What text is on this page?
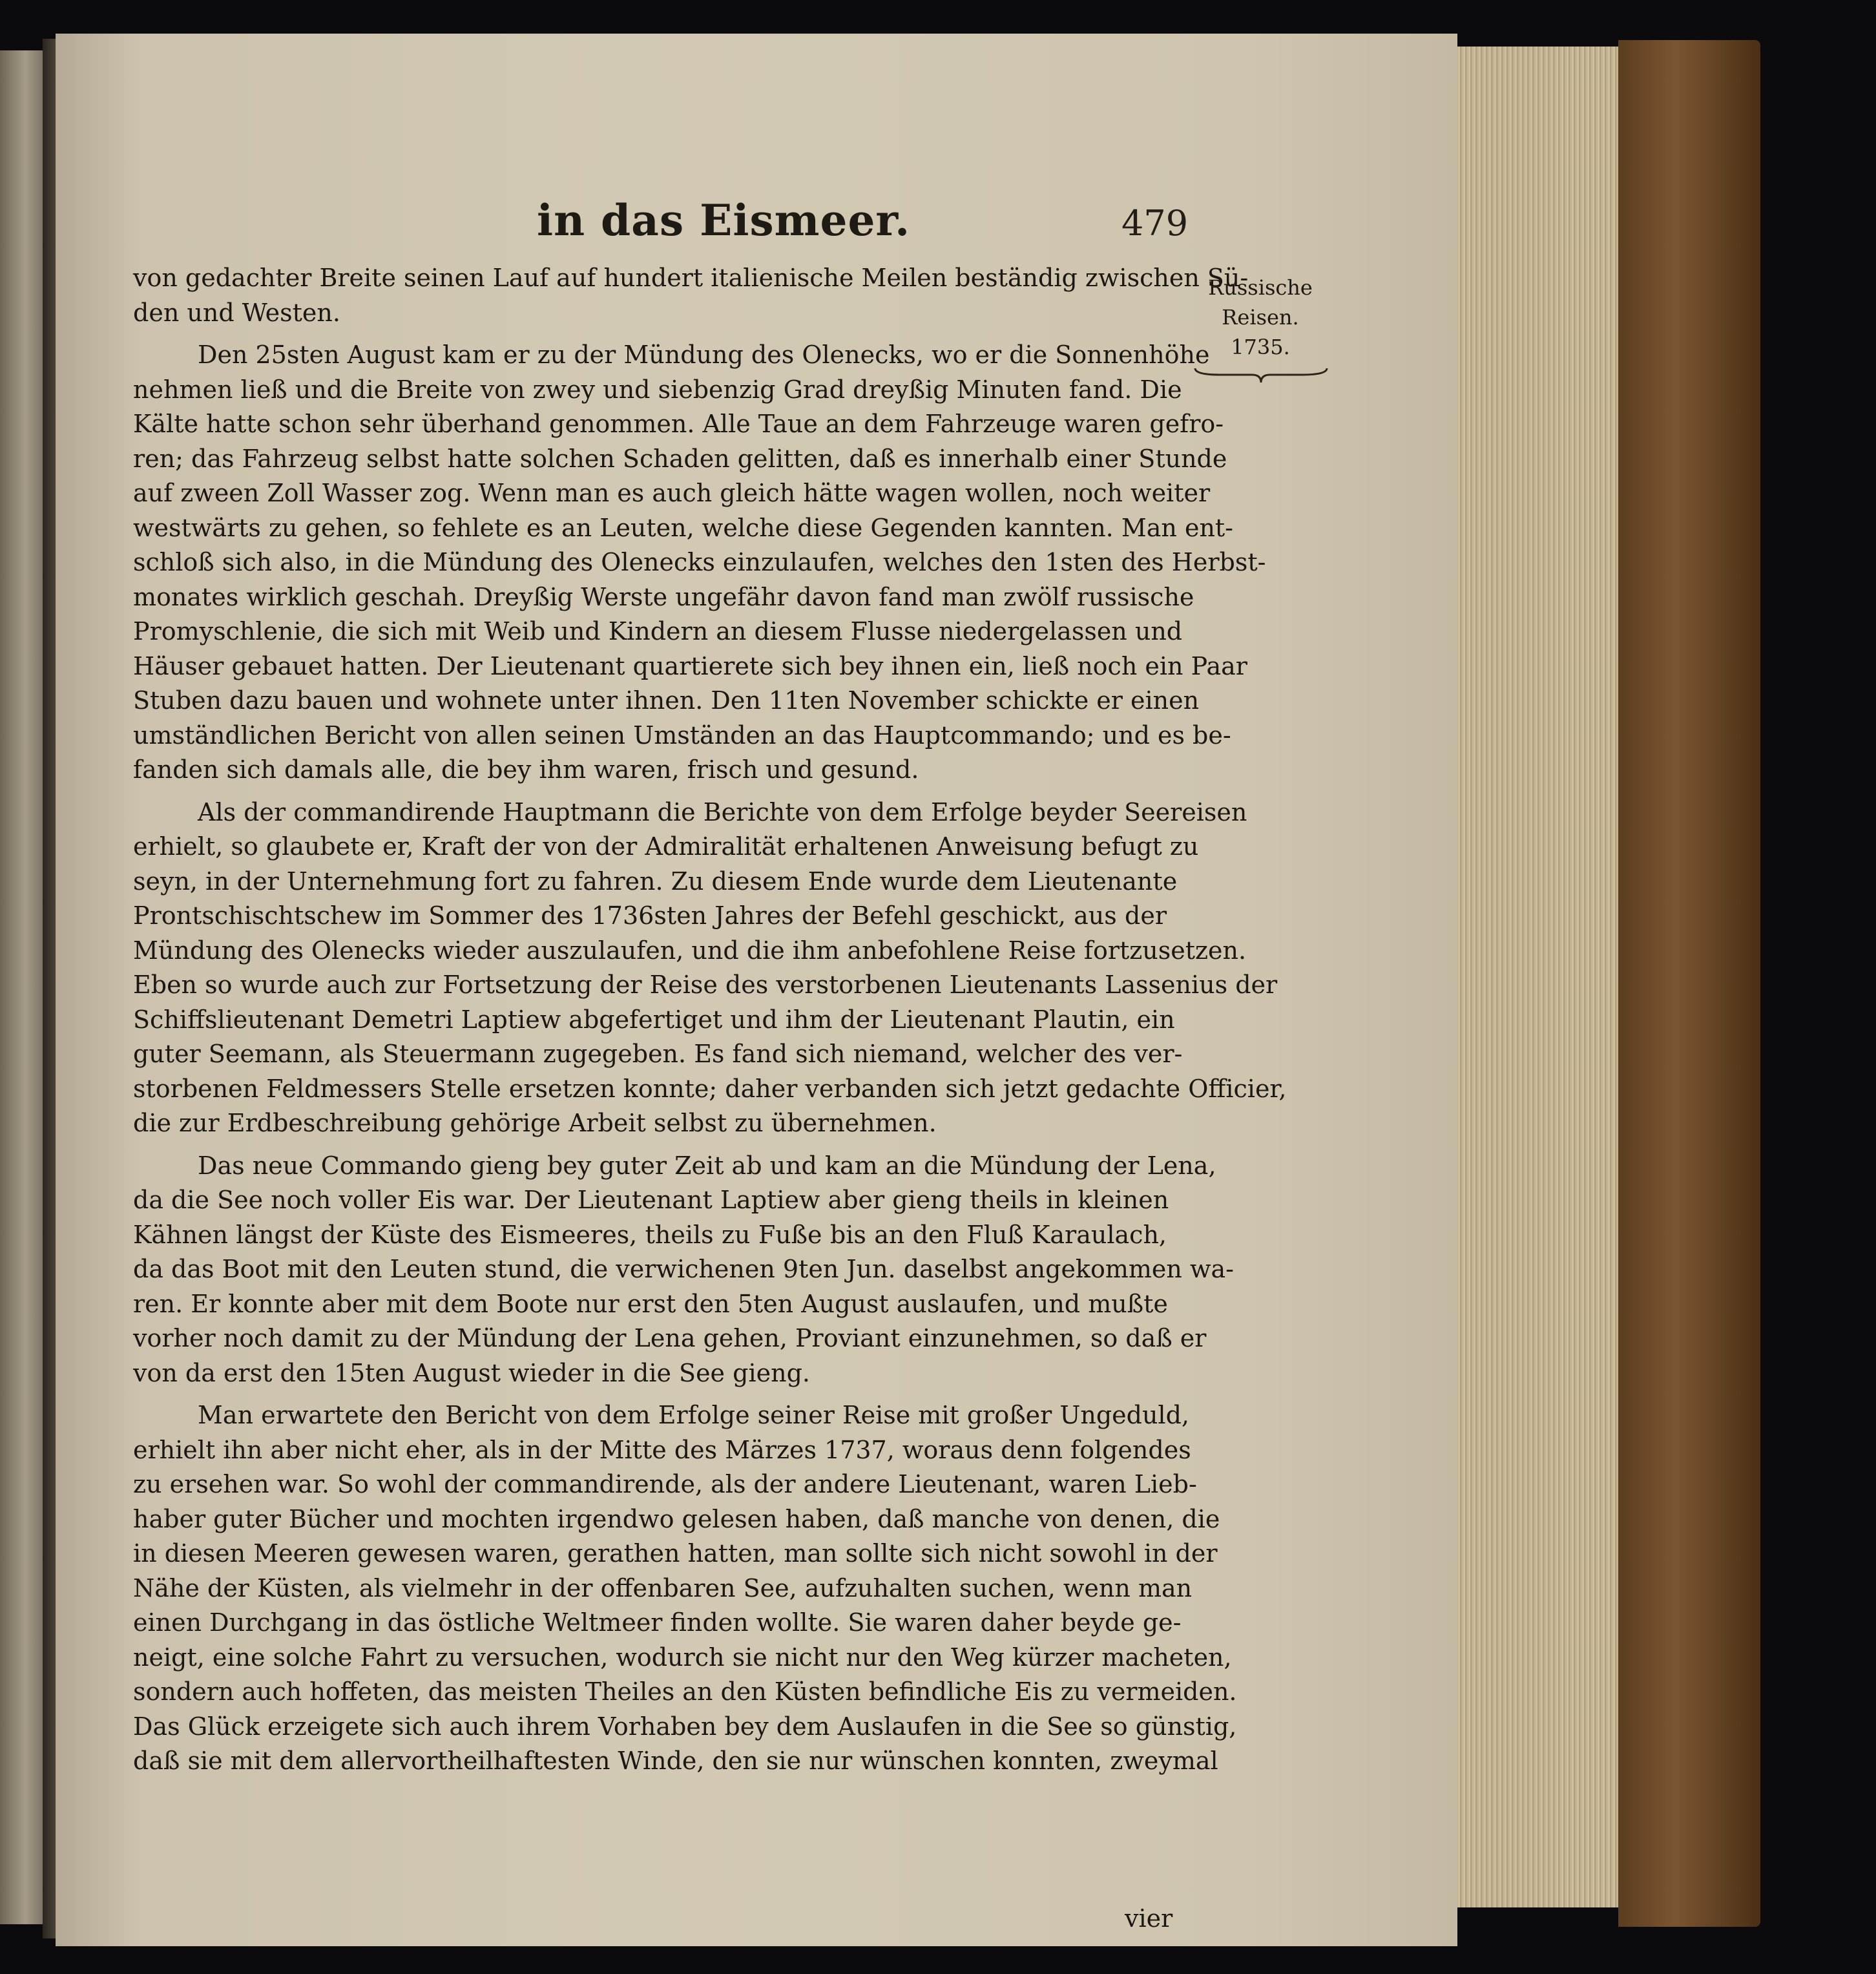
in das Eismeer.	479
von gedachter Breite seinen Lauf auf hundert italienische Meilen beständig zwischen Sü-
den und Westen.
Den 25sten August kam er zu der Mündung des Olenecks, wo er die Sonnenhöhe
nehmen ließ und die Breite von zwey und siebenzig Grad dreyßig Minuten fand. Die
Kälte hatte schon sehr überhand genommen. Alle Taue an dem Fahrzeuge waren gefro-
ren; das Fahrzeug selbst hatte solchen Schaden gelitten, daß es innerhalb einer Stunde
auf zween Zoll Wasser zog. Wenn man es auch gleich hätte wagen wollen, noch weiter
westwärts zu gehen, so fehlete es an Leuten, welche diese Gegenden kannten. Man ent-
schloß sich also, in die Mündung des Olenecks einzulaufen, welches den 1sten des Herbst-
monates wirklich geschah. Dreyßig Werste ungefähr davon fand man zwölf russische
Promyschlenie, die sich mit Weib und Kindern an diesem Flusse niedergelassen und
Häuser gebauet hatten. Der Lieutenant quartierete sich bey ihnen ein, ließ noch ein Paar
Stuben dazu bauen und wohnete unter ihnen. Den 11ten November schickte er einen
umständlichen Bericht von allen seinen Umständen an das Hauptcommando; und es be-
fanden sich damals alle, die bey ihm waren, frisch und gesund.
Als der commandirende Hauptmann die Berichte von dem Erfolge beyder Seereisen
erhielt, so glaubete er, Kraft der von der Admiralität erhaltenen Anweisung befugt zu
seyn, in der Unternehmung fort zu fahren. Zu diesem Ende wurde dem Lieutenante
Prontschischtschew im Sommer des 1736sten Jahres der Befehl geschickt, aus der
Mündung des Olenecks wieder auszulaufen, und die ihm anbefohlene Reise fortzusetzen.
Eben so wurde auch zur Fortsetzung der Reise des verstorbenen Lieutenants Lassenius der
Schiffslieutenant Demetri Laptiew abgefertiget und ihm der Lieutenant Plautin, ein
guter Seemann, als Steuermann zugegeben. Es fand sich niemand, welcher des ver-
storbenen Feldmessers Stelle ersetzen konnte; daher verbanden sich jetzt gedachte Officier,
die zur Erdbeschreibung gehörige Arbeit selbst zu übernehmen.
Das neue Commando gieng bey guter Zeit ab und kam an die Mündung der Lena,
da die See noch voller Eis war. Der Lieutenant Laptiew aber gieng theils in kleinen
Kähnen längst der Küste des Eismeeres, theils zu Fuße bis an den Fluß Karaulach,
da das Boot mit den Leuten stund, die verwichenen 9ten Jun. daselbst angekommen wa-
ren. Er konnte aber mit dem Boote nur erst den 5ten August auslaufen, und mußte
vorher noch damit zu der Mündung der Lena gehen, Proviant einzunehmen, so daß er
von da erst den 15ten August wieder in die See gieng.
Man erwartete den Bericht von dem Erfolge seiner Reise mit großer Ungeduld,
erhielt ihn aber nicht eher, als in der Mitte des Märzes 1737, woraus denn folgendes
zu ersehen war. So wohl der commandirende, als der andere Lieutenant, waren Lieb-
haber guter Bücher und mochten irgendwo gelesen haben, daß manche von denen, die
in diesen Meeren gewesen waren, gerathen hatten, man sollte sich nicht sowohl in der
Nähe der Küsten, als vielmehr in der offenbaren See, aufzuhalten suchen, wenn man
einen Durchgang in das östliche Weltmeer finden wollte. Sie waren daher beyde ge-
neigt, eine solche Fahrt zu versuchen, wodurch sie nicht nur den Weg kürzer macheten,
sondern auch hoffeten, das meisten Theiles an den Küsten befindliche Eis zu vermeiden.
Das Glück erzeigete sich auch ihrem Vorhaben bey dem Auslaufen in die See so günstig,
daß sie mit dem allervortheilhaftesten Winde, den sie nur wünschen konnten, zweymal
Russische
Reisen.
1735.
vier
